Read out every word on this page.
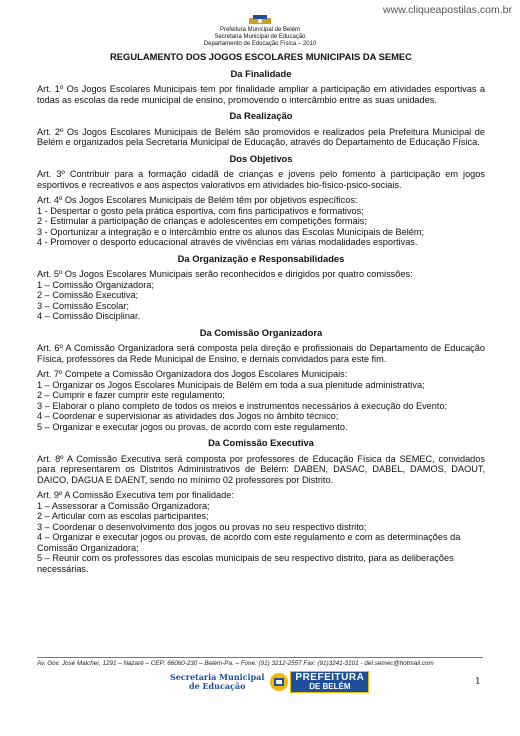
www.cliqueapostilas.com.br
Prefeitura Municipal de Belém
Secretaria Municipal de Educação
Departamento de Educação Física – 2010
REGULAMENTO DOS JOGOS ESCOLARES MUNICIPAIS DA SEMEC
Da Finalidade

Art. 1º Os Jogos Escolares Municipais tem por finalidade ampliar a participação em atividades esportivas a todas as escolas da rede municipal de ensino, promovendo o intercâmbio entre as suas unidades.

Da Realização

Art. 2º Os Jogos Escolares Municipais de Belém são promovidos e realizados pela Prefeitura Municipal de Belém e organizados pela Secretaria Municipal de Educação, através do Departamento de Educação Física.

Dos Objetivos

Art. 3º Contribuir para a formação cidadã de crianças e jovens pelo fomento à participação em jogos esportivos e recreativos e aos aspectos valorativos em atividades bio-físico-psico-sociais.

Art. 4º Os Jogos Escolares Municipais de Belém têm por objetivos específicos:

1 - Despertar o gosto pela prática esportiva, com fins participativos e formativos;
2 - Estimular a participação de crianças e adolescentes em competições formais;
3 - Oportunizar a integração e o intercâmbio entre os alunos das Escolas Municipais de Belém;
4 - Promover o desporto educacional através de vivências em várias modalidades esportivas.
Da Organização e Responsabilidades

Art. 5º Os Jogos Escolares Municipais serão reconhecidos e dirigidos por quatro comissões:

1 – Comissão Organizadora;
2 – Comissão Executiva;
3 – Comissão Escolar;
4 – Comissão Disciplinar.
Da Comissão Organizadora

Art. 6º A Comissão Organizadora será composta pela direção e profissionais do Departamento de Educação Física, professores da Rede Municipal de Ensino, e demais convidados para este fim.

Art. 7º Compete a Comissão Organizadora dos Jogos Escolares Municipais:

1 – Organizar os Jogos Escolares Municipais de Belém em toda a sua plenitude administrativa;
2 – Cumprir e fazer cumprir este regulamento;
3 – Elaborar o plano completo de todos os meios e instrumentos necessários à execução do Evento;
4 – Coordenar e supervisionar as atividades dos Jogos no âmbito técnico;
5 – Organizar e executar jogos ou provas, de acordo com este regulamento.
Da Comissão Executiva

Art. 8º A Comissão Executiva será composta por professores de Educação Física da SEMEC, convidados para representarem os Distritos Administrativos de Belém: DABEN, DASAC, DABEL, DAMOS, DAOUT, DAICO, DAGUA E DAENT, sendo no mínimo 02 professores por Distrito.

Art. 9º A Comissão Executiva tem por finalidade:

1 – Assessorar a Comissão Organizadora;
2 – Articular com as escolas participantes;
3 – Coordenar o desenvolvimento dos jogos ou provas no seu respectivo distrito;
4 – Organizar e executar jogos ou provas, de acordo com este regulamento e com as determinações da Comissão Organizadora;
5 – Reunir com os professores das escolas municipais de seu respectivo distrito, para as deliberações necessárias.
Av. Gov. José Malcher, 1291 – Nazaré – CEP: 66060-230 – Belém-Pa. – Fone: (91) 3212-2557 Fax: (91)3241-3101 - def.semec@hotmail.com
Secretaria Municipal
de Educação
PREFEITURA
DE BELÉM	1
